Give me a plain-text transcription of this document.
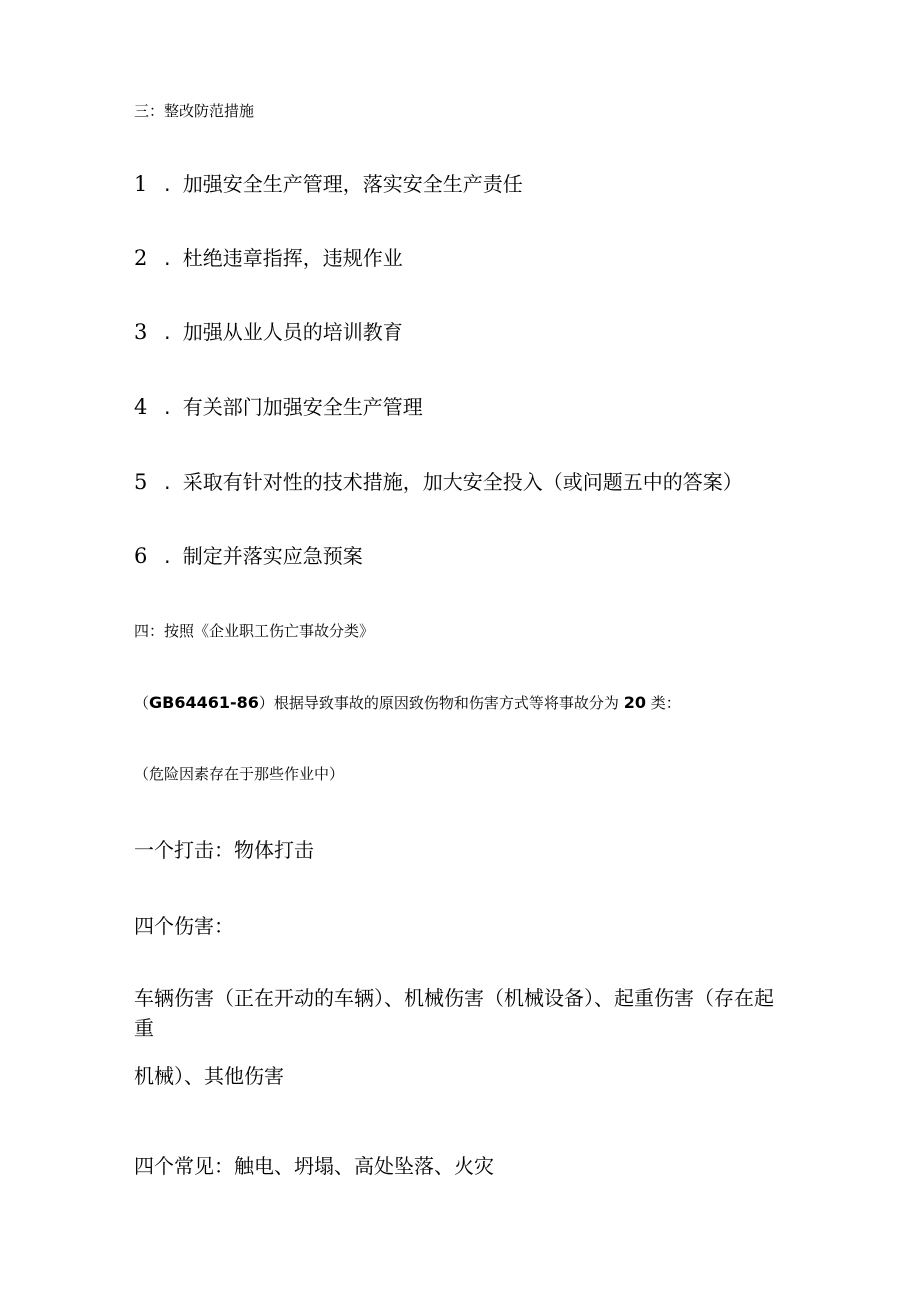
三：整改防范措施
1 . 加强安全生产管理，落实安全生产责任
2 . 杜绝违章指挥，违规作业
3 . 加强从业人员的培训教育
4 . 有关部门加强安全生产管理
5 . 采取有针对性的技术措施，加大安全投入（或问题五中的答案）
6 . 制定并落实应急预案
四：按照《企业职工伤亡事故分类》
（GB64461-86）根据导致事故的原因致伤物和伤害方式等将事故分为 20 类：
（危险因素存在于那些作业中）
一个打击：物体打击
四个伤害：
车辆伤害（正在开动的车辆）、机械伤害（机械设备）、起重伤害（存在起重
机械）、其他伤害
四个常见：触电、坍塌、高处坠落、火灾
